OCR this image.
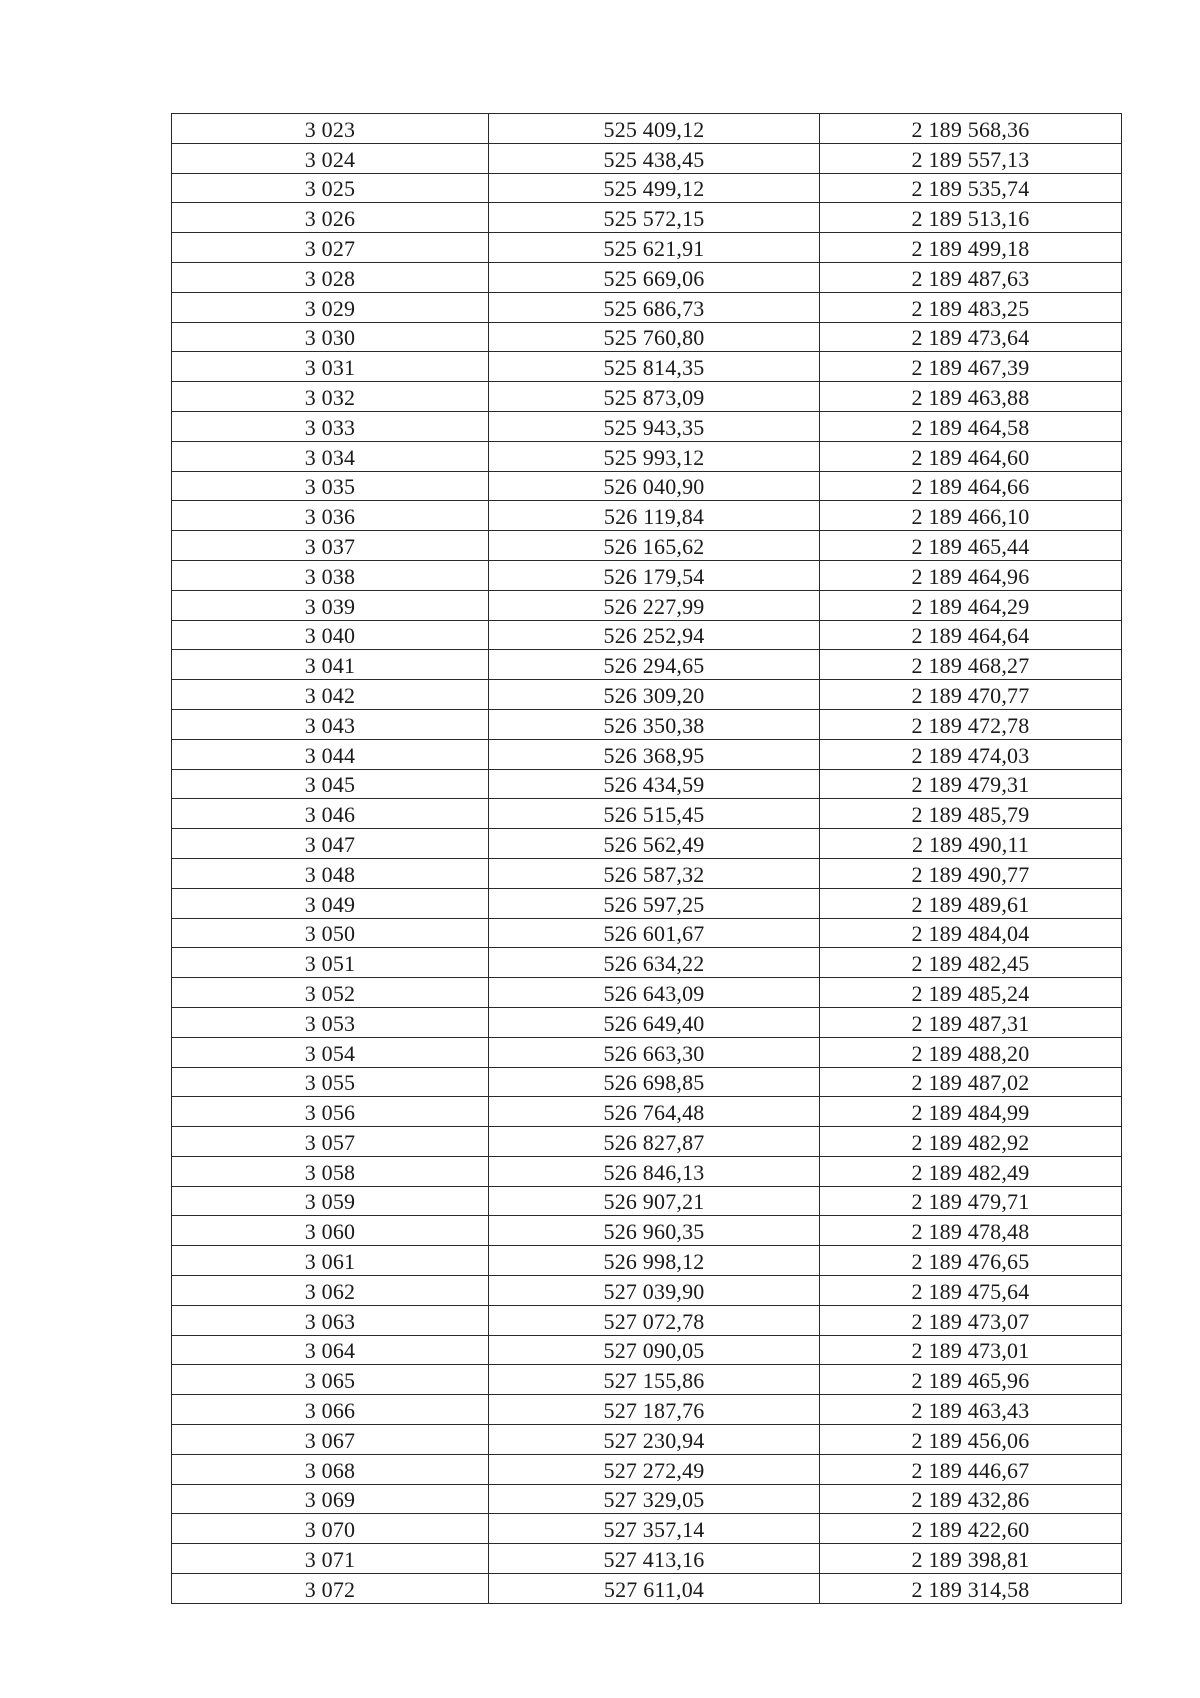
3 023	525 409,12	2 189 568,36
3 024	525 438,45	2 189 557,13
3 025	525 499,12	2 189 535,74
3 026	525 572,15	2 189 513,16
3 027	525 621,91	2 189 499,18
3 028	525 669,06	2 189 487,63
3 029	525 686,73	2 189 483,25
3 030	525 760,80	2 189 473,64
3 031	525 814,35	2 189 467,39
3 032	525 873,09	2 189 463,88
3 033	525 943,35	2 189 464,58
3 034	525 993,12	2 189 464,60
3 035	526 040,90	2 189 464,66
3 036	526 119,84	2 189 466,10
3 037	526 165,62	2 189 465,44
3 038	526 179,54	2 189 464,96
3 039	526 227,99	2 189 464,29
3 040	526 252,94	2 189 464,64
3 041	526 294,65	2 189 468,27
3 042	526 309,20	2 189 470,77
3 043	526 350,38	2 189 472,78
3 044	526 368,95	2 189 474,03
3 045	526 434,59	2 189 479,31
3 046	526 515,45	2 189 485,79
3 047	526 562,49	2 189 490,11
3 048	526 587,32	2 189 490,77
3 049	526 597,25	2 189 489,61
3 050	526 601,67	2 189 484,04
3 051	526 634,22	2 189 482,45
3 052	526 643,09	2 189 485,24
3 053	526 649,40	2 189 487,31
3 054	526 663,30	2 189 488,20
3 055	526 698,85	2 189 487,02
3 056	526 764,48	2 189 484,99
3 057	526 827,87	2 189 482,92
3 058	526 846,13	2 189 482,49
3 059	526 907,21	2 189 479,71
3 060	526 960,35	2 189 478,48
3 061	526 998,12	2 189 476,65
3 062	527 039,90	2 189 475,64
3 063	527 072,78	2 189 473,07
3 064	527 090,05	2 189 473,01
3 065	527 155,86	2 189 465,96
3 066	527 187,76	2 189 463,43
3 067	527 230,94	2 189 456,06
3 068	527 272,49	2 189 446,67
3 069	527 329,05	2 189 432,86
3 070	527 357,14	2 189 422,60
3 071	527 413,16	2 189 398,81
3 072	527 611,04	2 189 314,58
